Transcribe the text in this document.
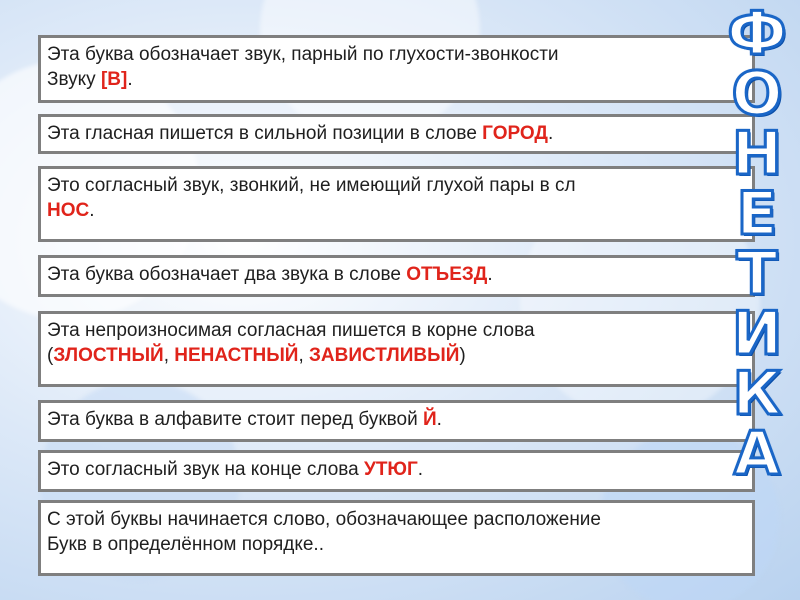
Эта буква обозначает звук, парный по глухости-звонкости
Звуку [В].
Эта гласная пишется в сильной позиции в слове ГОРОД.
Это согласный звук, звонкий, не имеющий глухой пары в сл
НОС.
Эта буква обозначает два звука в слове ОТЪЕЗД.
Эта непроизносимая согласная пишется в корне слова
(ЗЛОСТНЫЙ, НЕНАСТНЫЙ, ЗАВИСТЛИВЫЙ)
Эта буква в алфавите стоит перед буквой Й.
Это согласный звук на конце слова УТЮГ.
С этой буквы начинается слово, обозначающее расположение
Букв в определённом порядке..
Ф
О
Н
Е
Т
И
К
А
